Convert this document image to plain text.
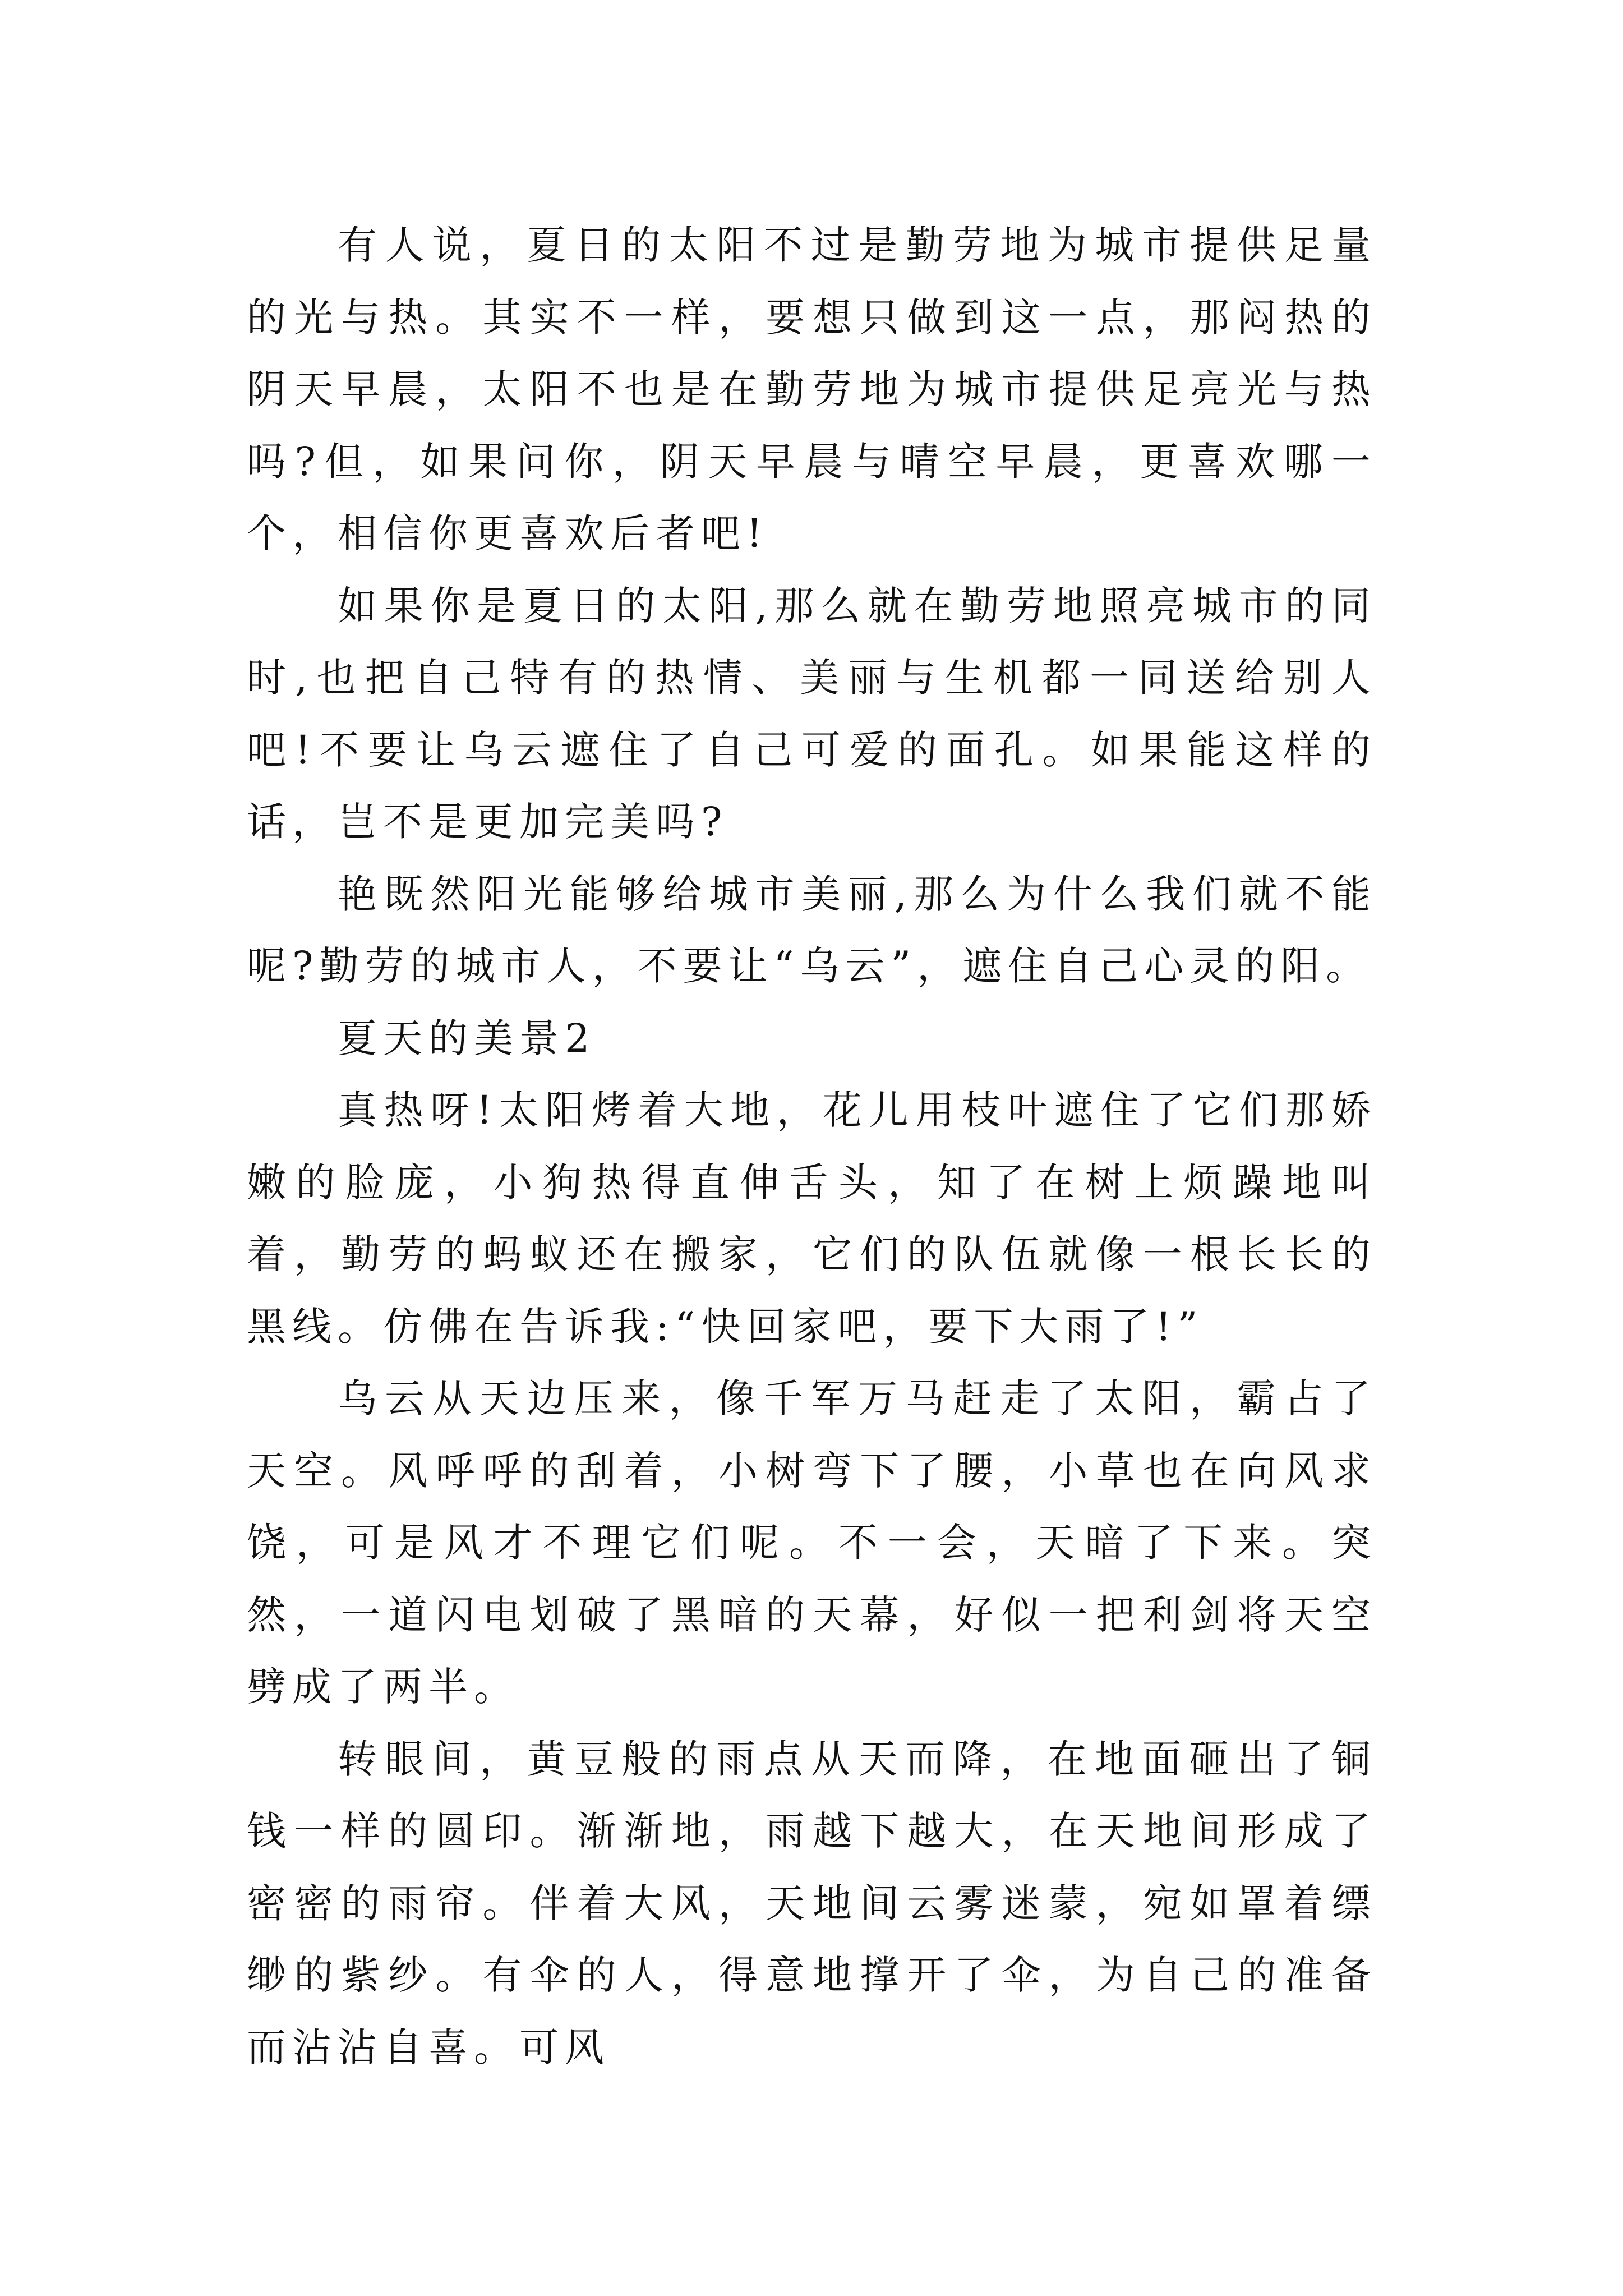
有人说，夏日的太阳不过是勤劳地为城市提供足量的光与热。其实不一样，要想只做到这一点，那闷热的阴天早晨，太阳不也是在勤劳地为城市提供足亮光与热吗?但，如果问你，阴天早晨与晴空早晨，更喜欢哪一个，相信你更喜欢后者吧!

如果你是夏日的太阳,那么就在勤劳地照亮城市的同时,也把自己特有的热情、美丽与生机都一同送给别人吧!不要让乌云遮住了自己可爱的面孔。如果能这样的话，岂不是更加完美吗?

艳既然阳光能够给城市美丽,那么为什么我们就不能呢?勤劳的城市人，不要让“乌云”，遮住自己心灵的阳。

夏天的美景2

真热呀!太阳烤着大地，花儿用枝叶遮住了它们那娇嫩的脸庞，小狗热得直伸舌头，知了在树上烦躁地叫着，勤劳的蚂蚁还在搬家，它们的队伍就像一根长长的黑线。仿佛在告诉我:“快回家吧，要下大雨了!”

乌云从天边压来，像千军万马赶走了太阳，霸占了天空。风呼呼的刮着，小树弯下了腰，小草也在向风求饶，可是风才不理它们呢。不一会，天暗了下来。突然，一道闪电划破了黑暗的天幕，好似一把利剑将天空劈成了两半。

转眼间，黄豆般的雨点从天而降，在地面砸出了铜钱一样的圆印。渐渐地，雨越下越大，在天地间形成了密密的雨帘。伴着大风，天地间云雾迷蒙，宛如罩着缥缈的紫纱。有伞的人，得意地撑开了伞，为自己的准备而沾沾自喜。可风
